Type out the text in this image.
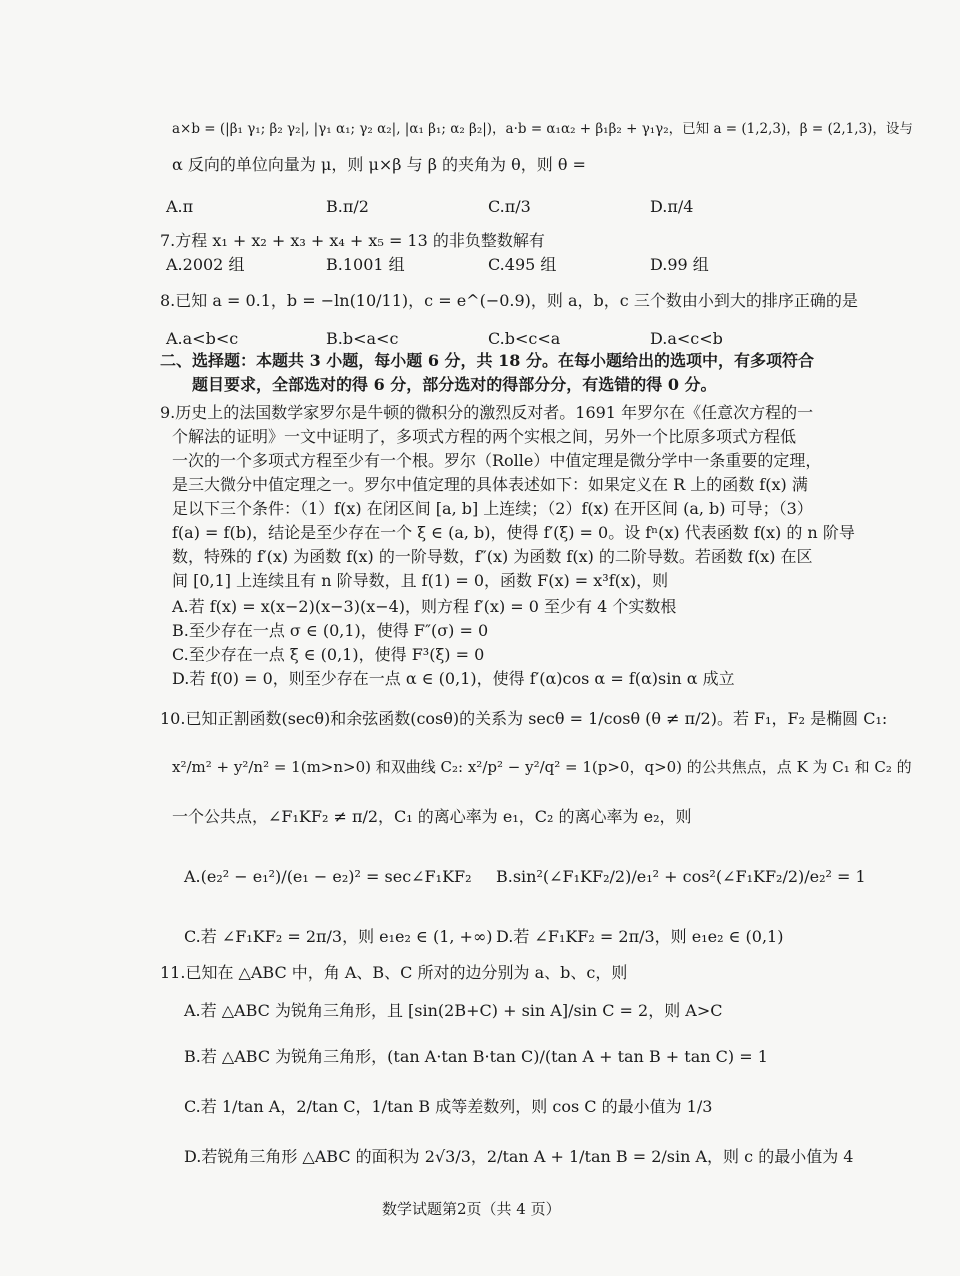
a×b = (|β₁ γ₁; β₂ γ₂|, |γ₁ α₁; γ₂ α₂|, |α₁ β₁; α₂ β₂|)，a·b = α₁α₂ + β₁β₂ + γ₁γ₂，已知 a = (1,2,3)，β = (2,1,3)，设与

α 反向的单位向量为 μ，则 μ×β 与 β 的夹角为 θ，则 θ =

A.π	B.π/2	C.π/3	D.π/4

7.方程 x₁ + x₂ + x₃ + x₄ + x₅ = 13 的非负整数解有

A.2002 组	B.1001 组	C.495 组	D.99 组

8.已知 a = 0.1，b = −ln(10/11)，c = e^(−0.9)，则 a，b，c 三个数由小到大的排序正确的是

A.a<b<c	B.b<a<c	C.b<c<a	D.a<c<b

二、选择题：本题共 3 小题，每小题 6 分，共 18 分。在每小题给出的选项中，有多项符合

题目要求，全部选对的得 6 分，部分选对的得部分分，有选错的得 0 分。

9.历史上的法国数学家罗尔是牛顿的微积分的激烈反对者。1691 年罗尔在《任意次方程的一

个解法的证明》一文中证明了，多项式方程的两个实根之间，另外一个比原多项式方程低

一次的一个多项式方程至少有一个根。罗尔（Rolle）中值定理是微分学中一条重要的定理，

是三大微分中值定理之一。罗尔中值定理的具体表述如下：如果定义在 R 上的函数 f(x) 满

足以下三个条件：（1）f(x) 在闭区间 [a, b] 上连续；（2）f(x) 在开区间 (a, b) 可导；（3）

f(a) = f(b)，结论是至少存在一个 ξ ∈ (a, b)，使得 f′(ξ) = 0。设 fⁿ(x) 代表函数 f(x) 的 n 阶导

数，特殊的 f′(x) 为函数 f(x) 的一阶导数，f″(x) 为函数 f(x) 的二阶导数。若函数 f(x) 在区

间 [0,1] 上连续且有 n 阶导数，且 f(1) = 0，函数 F(x) = x³f(x)，则

A.若 f(x) = x(x−2)(x−3)(x−4)，则方程 f′(x) = 0 至少有 4 个实数根

B.至少存在一点 σ ∈ (0,1)，使得 F″(σ) = 0

C.至少存在一点 ξ ∈ (0,1)，使得 F³(ξ) = 0

D.若 f(0) = 0，则至少存在一点 α ∈ (0,1)，使得 f′(α)cos α = f(α)sin α 成立

10.已知正割函数(secθ)和余弦函数(cosθ)的关系为 secθ = 1/cosθ (θ ≠ π/2)。若 F₁，F₂ 是椭圆 C₁:

x²/m² + y²/n² = 1(m>n>0) 和双曲线 C₂: x²/p² − y²/q² = 1(p>0，q>0) 的公共焦点，点 K 为 C₁ 和 C₂ 的

一个公共点，∠F₁KF₂ ≠ π/2，C₁ 的离心率为 e₁，C₂ 的离心率为 e₂，则

A.(e₂² − e₁²)/(e₁ − e₂)² = sec∠F₁KF₂ B.sin²(∠F₁KF₂/2)/e₁² + cos²(∠F₁KF₂/2)/e₂² = 1

C.若 ∠F₁KF₂ = 2π/3，则 e₁e₂ ∈ (1, +∞) D.若 ∠F₁KF₂ = 2π/3，则 e₁e₂ ∈ (0,1)

11.已知在 △ABC 中，角 A、B、C 所对的边分别为 a、b、c，则

A.若 △ABC 为锐角三角形，且 [sin(2B+C) + sin A]/sin C = 2，则 A>C

B.若 △ABC 为锐角三角形，(tan A·tan B·tan C)/(tan A + tan B + tan C) = 1

C.若 1/tan A，2/tan C，1/tan B 成等差数列，则 cos C 的最小值为 1/3

D.若锐角三角形 △ABC 的面积为 2√3/3，2/tan A + 1/tan B = 2/sin A，则 c 的最小值为 4

数学试题第2页（共 4 页）
